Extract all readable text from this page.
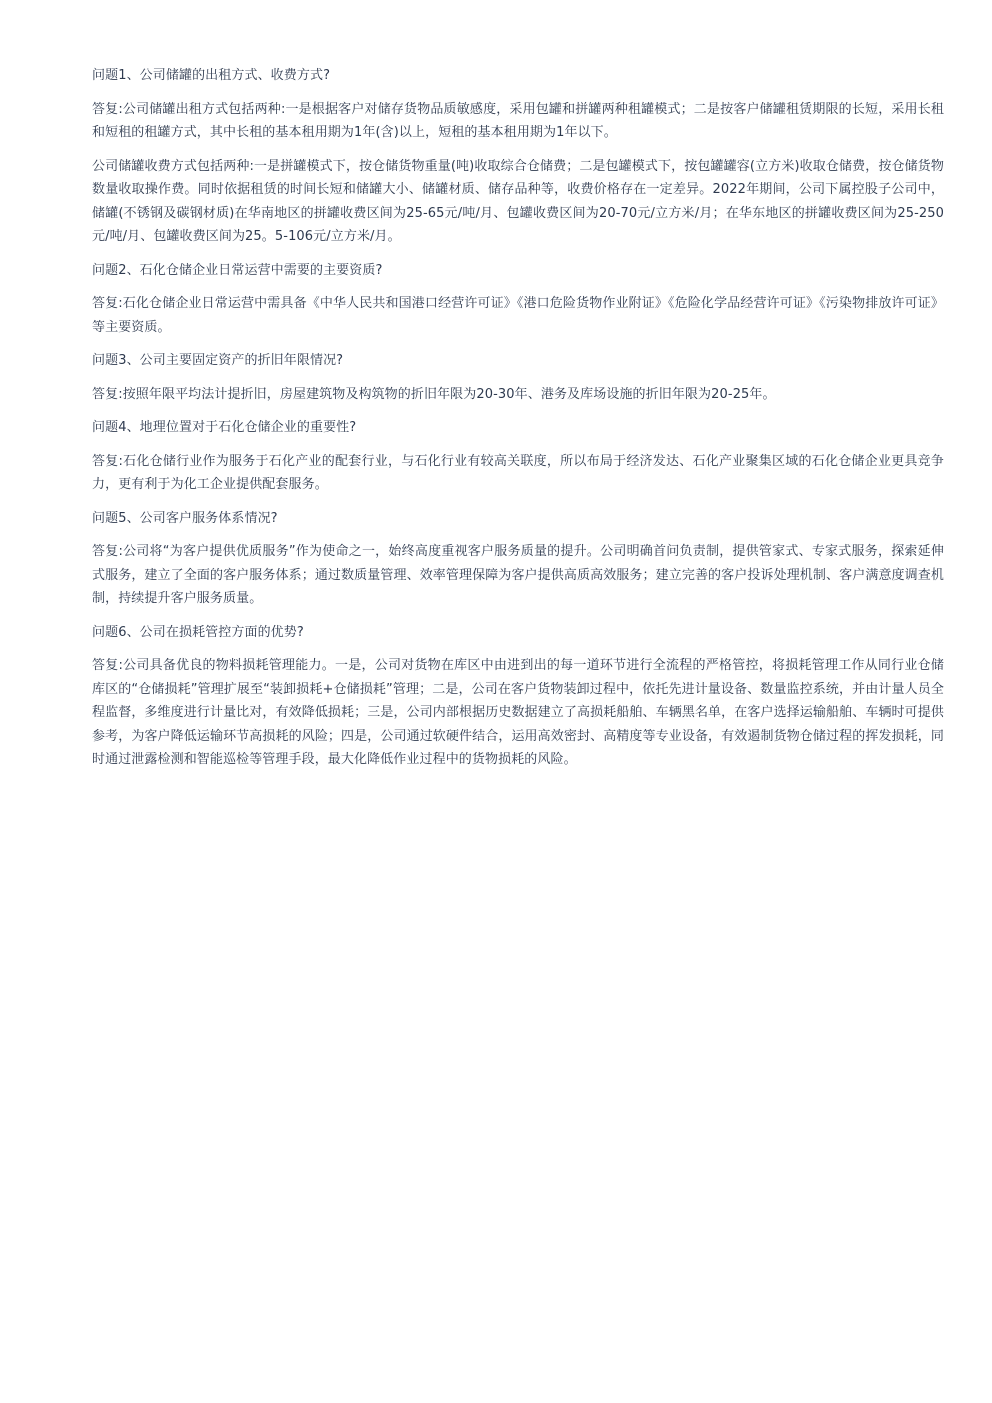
问题1、公司储罐的出租方式、收费方式?

答复:公司储罐出租方式包括两种:一是根据客户对储存货物品质敏感度，采用包罐和拼罐两种租罐模式；二是按客户储罐租赁期限的长短，采用长租和短租的租罐方式，其中长租的基本租用期为1年(含)以上，短租的基本租用期为1年以下。

公司储罐收费方式包括两种:一是拼罐模式下，按仓储货物重量(吨)收取综合仓储费；二是包罐模式下，按包罐罐容(立方米)收取仓储费，按仓储货物数量收取操作费。同时依据租赁的时间长短和储罐大小、储罐材质、储存品种等，收费价格存在一定差异。2022年期间，公司下属控股子公司中，储罐(不锈钢及碳钢材质)在华南地区的拼罐收费区间为25-65元/吨/月、包罐收费区间为20-70元/立方米/月；在华东地区的拼罐收费区间为25-250元/吨/月、包罐收费区间为25。5-106元/立方米/月。

问题2、石化仓储企业日常运营中需要的主要资质?

答复:石化仓储企业日常运营中需具备《中华人民共和国港口经营许可证》《港口危险货物作业附证》《危险化学品经营许可证》《污染物排放许可证》等主要资质。

问题3、公司主要固定资产的折旧年限情况?

答复:按照年限平均法计提折旧，房屋建筑物及构筑物的折旧年限为20-30年、港务及库场设施的折旧年限为20-25年。

问题4、地理位置对于石化仓储企业的重要性?

答复:石化仓储行业作为服务于石化产业的配套行业，与石化行业有较高关联度，所以布局于经济发达、石化产业聚集区域的石化仓储企业更具竞争力，更有利于为化工企业提供配套服务。

问题5、公司客户服务体系情况?

答复:公司将“为客户提供优质服务”作为使命之一，始终高度重视客户服务质量的提升。公司明确首问负责制，提供管家式、专家式服务，探索延伸式服务，建立了全面的客户服务体系；通过数质量管理、效率管理保障为客户提供高质高效服务；建立完善的客户投诉处理机制、客户满意度调查机制，持续提升客户服务质量。

问题6、公司在损耗管控方面的优势?

答复:公司具备优良的物料损耗管理能力。一是，公司对货物在库区中由进到出的每一道环节进行全流程的严格管控，将损耗管理工作从同行业仓储库区的“仓储损耗”管理扩展至“装卸损耗+仓储损耗”管理；二是，公司在客户货物装卸过程中，依托先进计量设备、数量监控系统，并由计量人员全程监督，多维度进行计量比对，有效降低损耗；三是，公司内部根据历史数据建立了高损耗船舶、车辆黑名单，在客户选择运输船舶、车辆时可提供参考，为客户降低运输环节高损耗的风险；四是，公司通过软硬件结合，运用高效密封、高精度等专业设备，有效遏制货物仓储过程的挥发损耗，同时通过泄露检测和智能巡检等管理手段，最大化降低作业过程中的货物损耗的风险。
